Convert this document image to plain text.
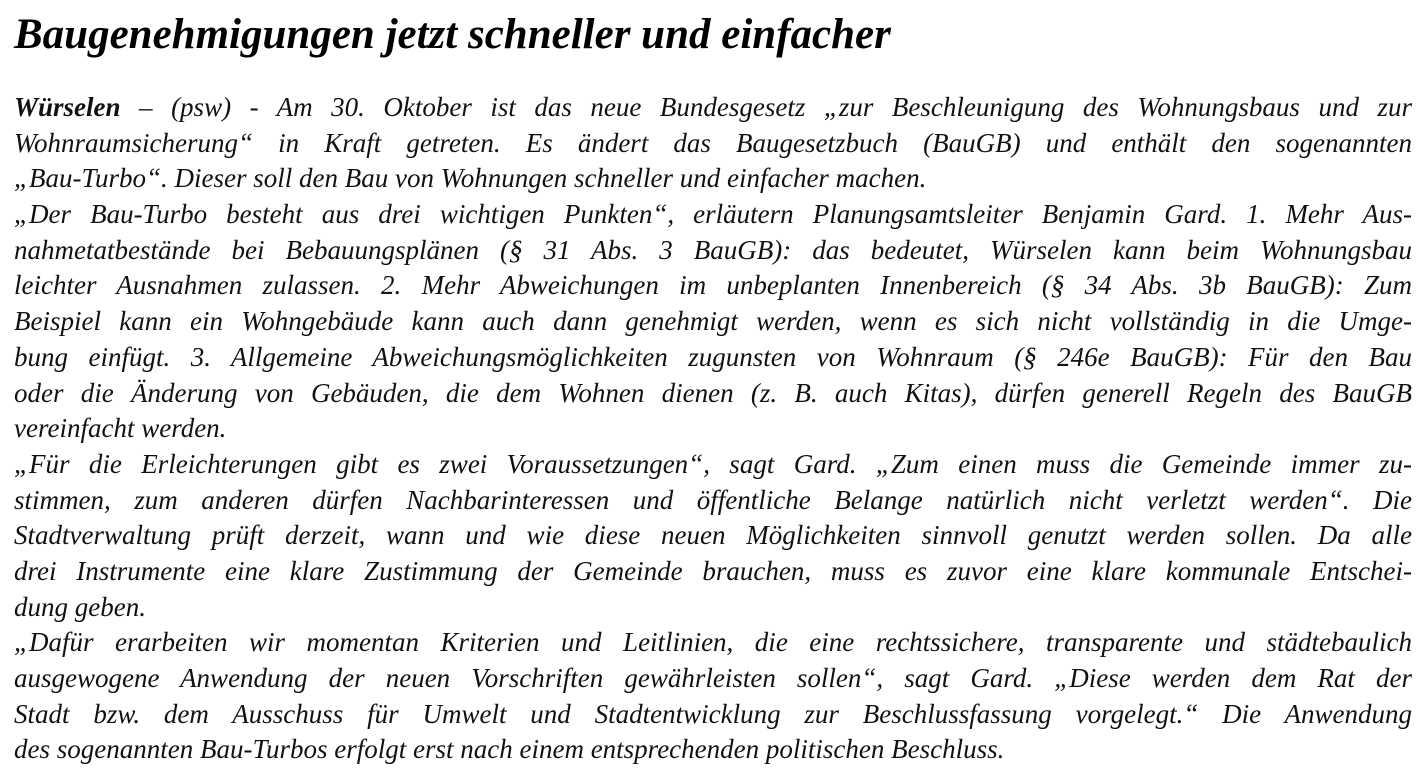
Baugenehmigungen jetzt schneller und einfacher
Würselen – (psw) - Am 30. Oktober ist das neue Bundesgesetz „zur Beschleunigung des Wohnungsbaus und zur
Wohnraumsicherung“ in Kraft getreten. Es ändert das Baugesetzbuch (BauGB) und enthält den sogenannten
„Bau-Turbo“. Dieser soll den Bau von Wohnungen schneller und einfacher machen.
„Der Bau-Turbo besteht aus drei wichtigen Punkten“, erläutern Planungsamtsleiter Benjamin Gard. 1. Mehr Aus-
nahmetatbestände bei Bebauungsplänen (§ 31 Abs. 3 BauGB): das bedeutet, Würselen kann beim Wohnungsbau
leichter Ausnahmen zulassen. 2. Mehr Abweichungen im unbeplanten Innenbereich (§ 34 Abs. 3b BauGB): Zum
Beispiel kann ein Wohngebäude kann auch dann genehmigt werden, wenn es sich nicht vollständig in die Umge-
bung einfügt. 3. Allgemeine Abweichungsmöglichkeiten zugunsten von Wohnraum (§ 246e BauGB): Für den Bau
oder die Änderung von Gebäuden, die dem Wohnen dienen (z. B. auch Kitas), dürfen generell Regeln des BauGB
vereinfacht werden.
„Für die Erleichterungen gibt es zwei Voraussetzungen“, sagt Gard. „Zum einen muss die Gemeinde immer zu-
stimmen, zum anderen dürfen Nachbarinteressen und öffentliche Belange natürlich nicht verletzt werden“. Die
Stadtverwaltung prüft derzeit, wann und wie diese neuen Möglichkeiten sinnvoll genutzt werden sollen. Da alle
drei Instrumente eine klare Zustimmung der Gemeinde brauchen, muss es zuvor eine klare kommunale Entschei-
dung geben.
„Dafür erarbeiten wir momentan Kriterien und Leitlinien, die eine rechtssichere, transparente und städtebaulich
ausgewogene Anwendung der neuen Vorschriften gewährleisten sollen“, sagt Gard. „Diese werden dem Rat der
Stadt bzw. dem Ausschuss für Umwelt und Stadtentwicklung zur Beschlussfassung vorgelegt.“ Die Anwendung
des sogenannten Bau-Turbos erfolgt erst nach einem entsprechenden politischen Beschluss.
